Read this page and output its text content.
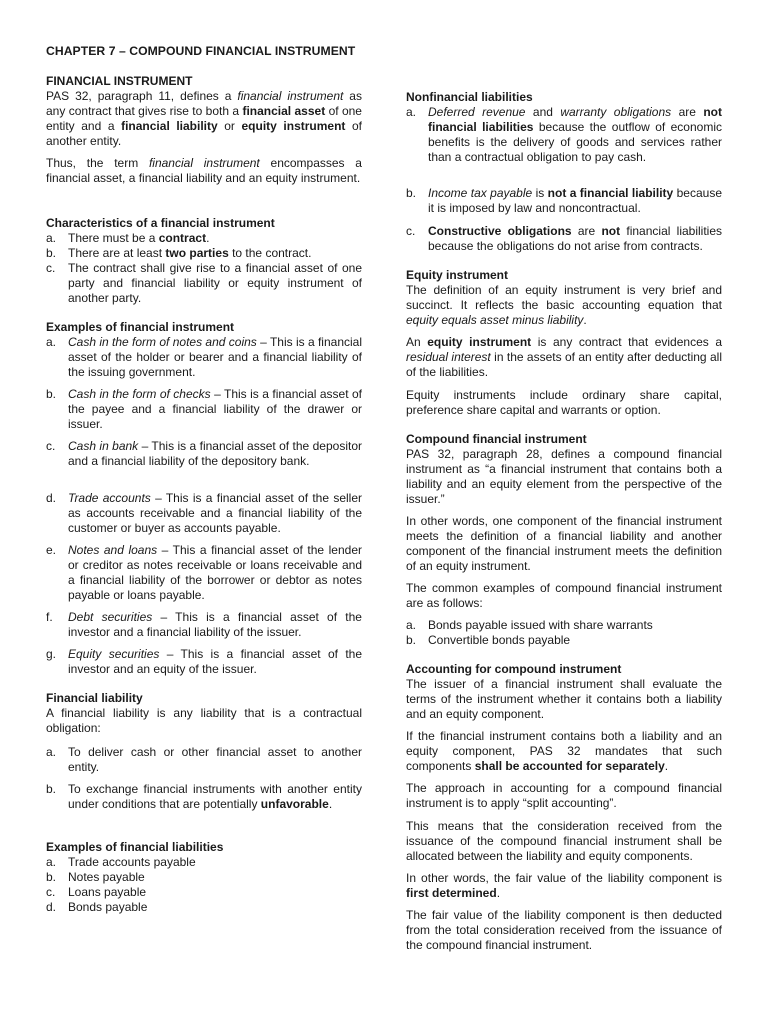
CHAPTER 7 – COMPOUND FINANCIAL INSTRUMENT

FINANCIAL INSTRUMENT

PAS 32, paragraph 11, defines a financial instrument as any contract that gives rise to both a financial asset of one entity and a financial liability or equity instrument of another entity.

Thus, the term financial instrument encompasses a financial asset, a financial liability and an equity instrument.

Characteristics of a financial instrument

a. There must be a contract.
b. There are at least two parties to the contract.
c. The contract shall give rise to a financial asset of one party and financial liability or equity instrument of another party.

Examples of financial instrument

a. Cash in the form of notes and coins – This is a financial asset of the holder or bearer and a financial liability of the issuing government.
b. Cash in the form of checks – This is a financial asset of the payee and a financial liability of the drawer or issuer.
c. Cash in bank – This is a financial asset of the depositor and a financial liability of the depository bank.
d. Trade accounts – This is a financial asset of the seller as accounts receivable and a financial liability of the customer or buyer as accounts payable.
e. Notes and loans – This a financial asset of the lender or creditor as notes receivable or loans receivable and a financial liability of the borrower or debtor as notes payable or loans payable.
f. Debt securities – This is a financial asset of the investor and a financial liability of the issuer.
g. Equity securities – This is a financial asset of the investor and an equity of the issuer.

Financial liability

A financial liability is any liability that is a contractual obligation:

a. To deliver cash or other financial asset to another entity.
b. To exchange financial instruments with another entity under conditions that are potentially unfavorable.

Examples of financial liabilities

a. Trade accounts payable
b. Notes payable
c. Loans payable
d. Bonds payable

Nonfinancial liabilities

a. Deferred revenue and warranty obligations are not financial liabilities because the outflow of economic benefits is the delivery of goods and services rather than a contractual obligation to pay cash.
b. Income tax payable is not a financial liability because it is imposed by law and noncontractual.
c. Constructive obligations are not financial liabilities because the obligations do not arise from contracts.

Equity instrument

The definition of an equity instrument is very brief and succinct. It reflects the basic accounting equation that equity equals asset minus liability.

An equity instrument is any contract that evidences a residual interest in the assets of an entity after deducting all of the liabilities.

Equity instruments include ordinary share capital, preference share capital and warrants or option.

Compound financial instrument

PAS 32, paragraph 28, defines a compound financial instrument as “a financial instrument that contains both a liability and an equity element from the perspective of the issuer.”

In other words, one component of the financial instrument meets the definition of a financial liability and another component of the financial instrument meets the definition of an equity instrument.

The common examples of compound financial instrument are as follows:

a. Bonds payable issued with share warrants
b. Convertible bonds payable

Accounting for compound instrument

The issuer of a financial instrument shall evaluate the terms of the instrument whether it contains both a liability and an equity component.

If the financial instrument contains both a liability and an equity component, PAS 32 mandates that such components shall be accounted for separately.

The approach in accounting for a compound financial instrument is to apply “split accounting”.

This means that the consideration received from the issuance of the compound financial instrument shall be allocated between the liability and equity components.

In other words, the fair value of the liability component is first determined.

The fair value of the liability component is then deducted from the total consideration received from the issuance of the compound financial instrument.
